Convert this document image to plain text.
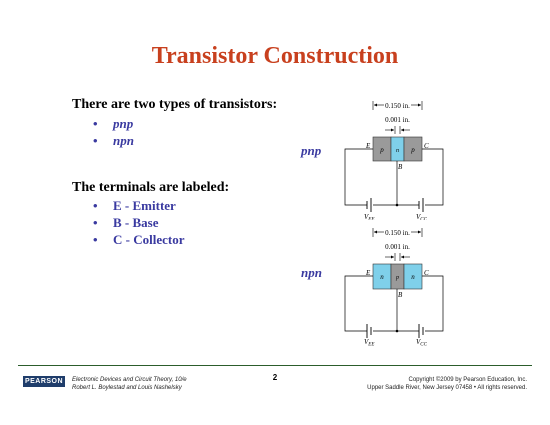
Transistor Construction
There are two types of transistors:
• pnp
• npn
The terminals are labeled:
• E - Emitter
• B - Base
• C - Collector
pnp
npn
0.150 in.
0.001 in.
p n p
E	C
B
$V_{EE}$	$V_{CC}$
0.150 in.
0.001 in.
n p n
E	C
B
$V_{EE}$	$V_{CC}$
PEARSON	Electronic Devices and Circuit Theory, 10/e
Robert L. Boylestad and Louis Nashelsky
2	Copyright ©2009 by Pearson Education, Inc.
Upper Saddle River, New Jersey 07458 • All rights reserved.
